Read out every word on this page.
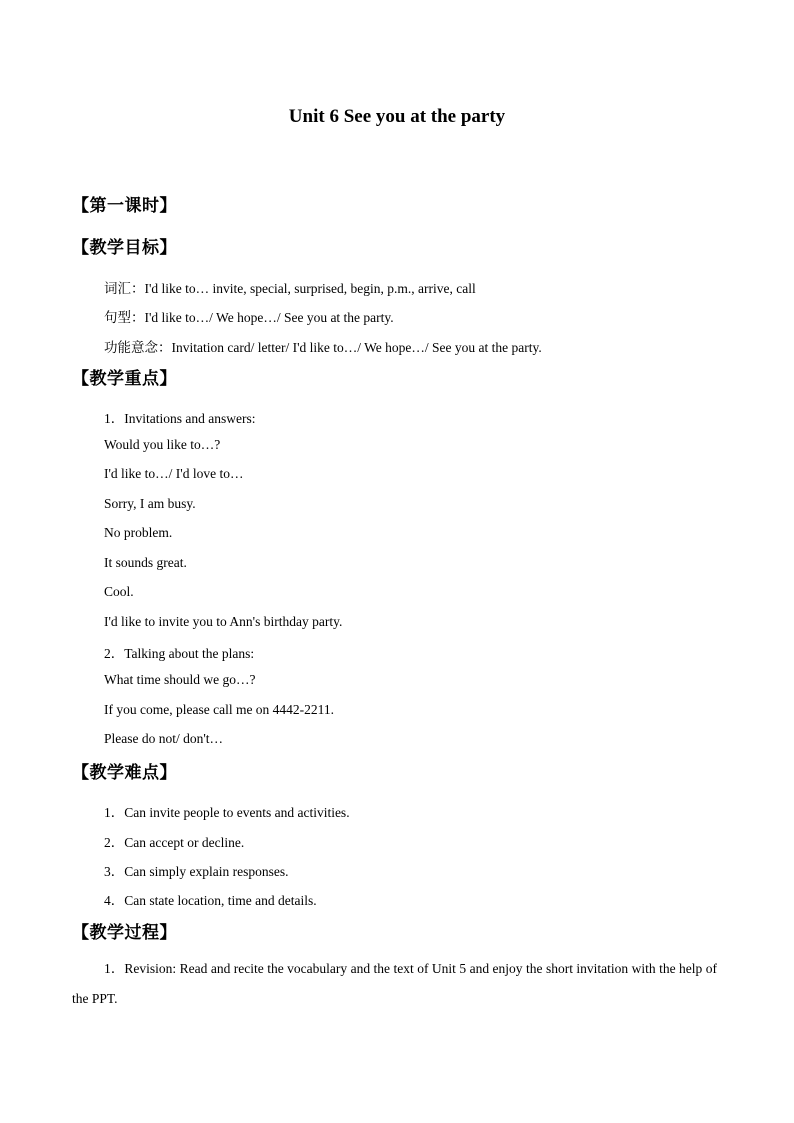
Unit 6 See you at the party
【第一课时】
【教学目标】
词汇：I'd like to… invite, special, surprised, begin, p.m., arrive, call
句型：I'd like to…/ We hope…/ See you at the party.
功能意念：Invitation card/ letter/ I'd like to…/ We hope…/ See you at the party.
【教学重点】
1．Invitations and answers:
Would you like to…?
I'd like to…/ I'd love to…
Sorry, I am busy.
No problem.
It sounds great.
Cool.
I'd like to invite you to Ann's birthday party.
2．Talking about the plans:
What time should we go…?
If you come, please call me on 4442-2211.
Please do not/ don't…
【教学难点】
1．Can invite people to events and activities.
2．Can accept or decline.
3．Can simply explain responses.
4．Can state location, time and details.
【教学过程】
1．Revision: Read and recite the vocabulary and the text of Unit 5 and enjoy the short invitation with the help of the PPT.
